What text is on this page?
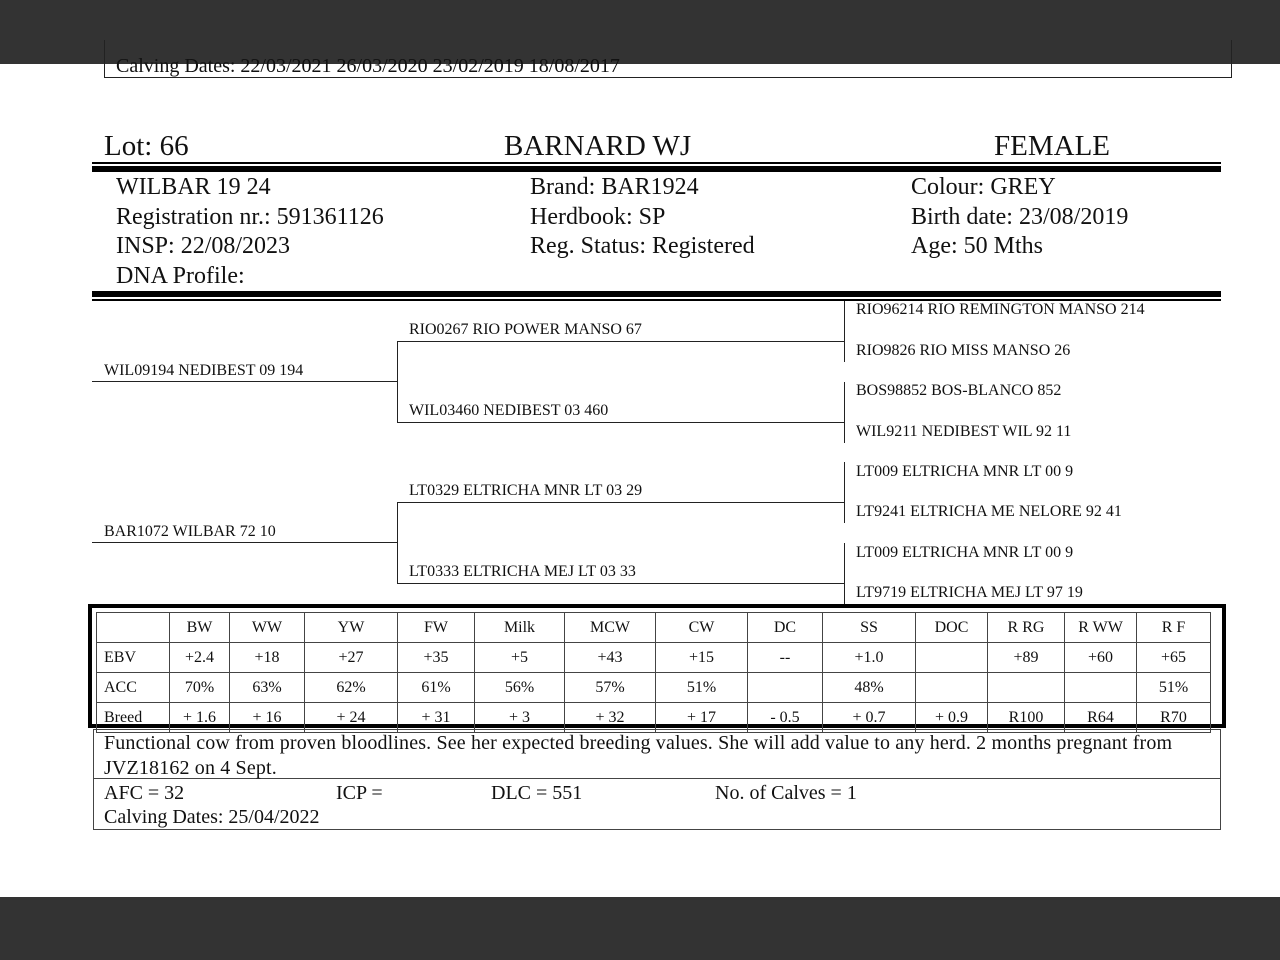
Calving Dates: 22/03/2021 26/03/2020 23/02/2019 18/08/2017
Lot: 66	BARNARD WJ	FEMALE
WILBAR 19 24
Registration nr.: 591361126
INSP: 22/08/2023
DNA Profile:
Brand: BAR1924
Herdbook: SP
Reg. Status: Registered
Colour: GREY
Birth date: 23/08/2019
Age: 50 Mths
WIL09194 NEDIBEST 09 194
BAR1072 WILBAR 72 10
RIO0267 RIO POWER MANSO 67
WIL03460 NEDIBEST 03 460
LT0329 ELTRICHA MNR LT 03 29
LT0333 ELTRICHA MEJ LT 03 33
RIO96214 RIO REMINGTON MANSO 214
RIO9826 RIO MISS MANSO 26
BOS98852 BOS-BLANCO 852
WIL9211 NEDIBEST WIL 92 11
LT009 ELTRICHA MNR LT 00 9
LT9241 ELTRICHA ME NELORE 92 41
LT009 ELTRICHA MNR LT 00 9
LT9719 ELTRICHA MEJ LT 97 19
	BW	WW	YW	FW	Milk	MCW	CW	DC	SS	DOC	R RG	R WW	R F
EBV	+2.4	+18	+27	+35	+5	+43	+15	--	+1.0		+89	+60	+65
ACC	70%	63%	62%	61%	56%	57%	51%		48%				51%
Breed	+ 1.6	+ 16	+ 24	+ 31	+ 3	+ 32	+ 17	- 0.5	+ 0.7	+ 0.9	R100	R64	R70
Functional cow from proven bloodlines. See her expected breeding values. She will add value to any herd. 2 months pregnant from JVZ18162 on 4 Sept.
AFC = 32	ICP =	DLC = 551	No. of Calves = 1
Calving Dates: 25/04/2022
